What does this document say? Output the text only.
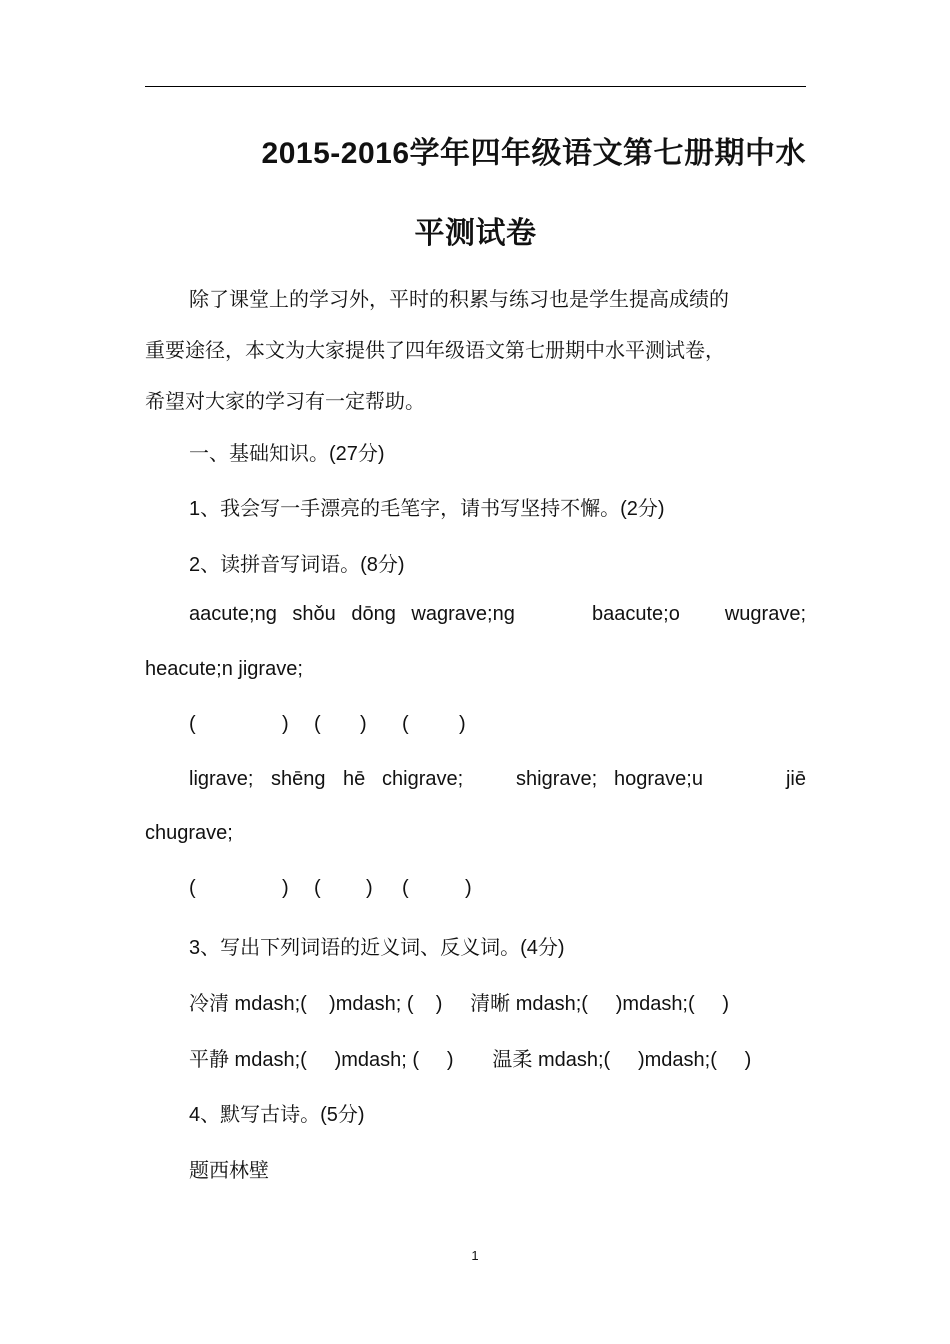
2015-2016学年四年级语文第七册期中水
平测试卷
除了课堂上的学习外，平时的积累与练习也是学生提高成绩的
重要途径，本文为大家提供了四年级语文第七册期中水平测试卷，
希望对大家的学习有一定帮助。
一、基础知识。(27分)
1、我会写一手漂亮的毛笔字，请书写坚持不懈。(2分)
2、读拼音写词语。(8分)
aacute;ng shǒu dōng wagrave;ng	baacute;o wugrave;
heacute;n jigrave;
(	) ( ) (	)
ligrave; shēng hē chigrave;	shigrave; hograve;u	jiē
chugrave;
(	) ( ) (	)
3、写出下列词语的近义词、反义词。(4分)
冷清 mdash;(    )mdash; (    )     清晰 mdash;(     )mdash;(     )
平静 mdash;(     )mdash; (     )       温柔 mdash;(     )mdash;(     )
4、默写古诗。(5分)
题西林壁
1
